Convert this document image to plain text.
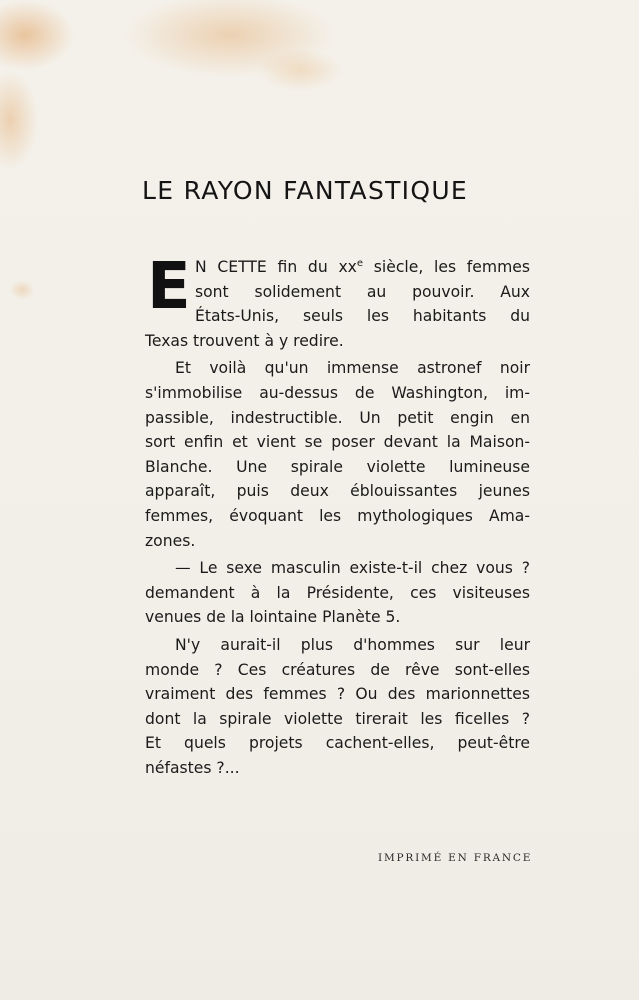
LE RAYON FANTASTIQUE
E N CETTE fin du $xx^e$ siècle, les femmes
sont solidement au pouvoir. Aux
États-Unis, seuls les habitants du
Texas trouvent à y redire.
Et voilà qu'un immense astronef noir
s'immobilise au-dessus de Washington, im-
passible, indestructible. Un petit engin en
sort enfin et vient se poser devant la Maison-
Blanche. Une spirale violette lumineuse
apparaît, puis deux éblouissantes jeunes
femmes, évoquant les mythologiques Ama-
zones.
— Le sexe masculin existe-t-il chez vous ?
demandent à la Présidente, ces visiteuses
venues de la lointaine Planète 5.
N'y aurait-il plus d'hommes sur leur
monde ? Ces créatures de rêve sont-elles
vraiment des femmes ? Ou des marionnettes
dont la spirale violette tirerait les ficelles ?
Et quels projets cachent-elles, peut-être
néfastes ?...
IMPRIMÉ EN FRANCE
